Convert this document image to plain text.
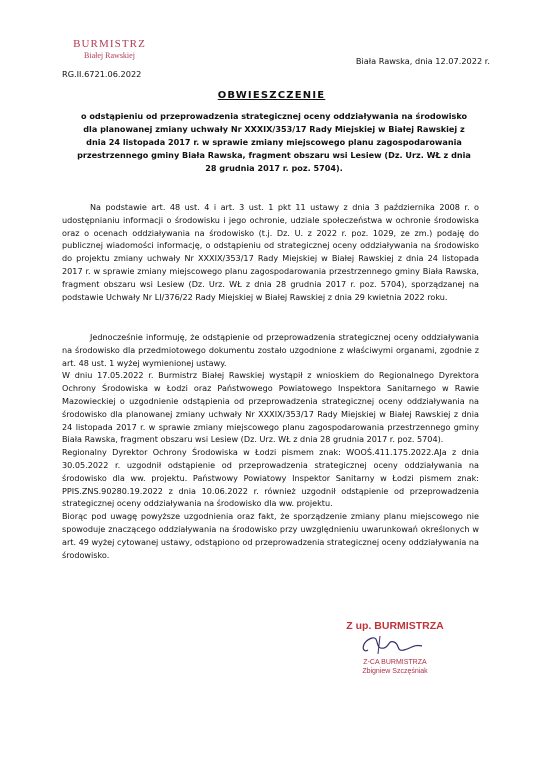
BURMISTRZ
Białej Rawskiej
Biała Rawska, dnia 12.07.2022 r.
RG.II.6721.06.2022
OBWIESZCZENIE
o odstąpieniu od przeprowadzenia strategicznej oceny oddziaływania na środowisko dla planowanej zmiany uchwały Nr XXXIX/353/17 Rady Miejskiej w Białej Rawskiej z dnia 24 listopada 2017 r. w sprawie zmiany miejscowego planu zagospodarowania przestrzennego gminy Biała Rawska, fragment obszaru wsi Lesiew (Dz. Urz. WŁ z dnia 28 grudnia 2017 r. poz. 5704).

Na podstawie art. 48 ust. 4 i art. 3 ust. 1 pkt 11 ustawy z dnia 3 października 2008 r. o udostępnianiu informacji o środowisku i jego ochronie, udziale społeczeństwa w ochronie środowiska oraz o ocenach oddziaływania na środowisko (t.j. Dz. U. z 2022 r. poz. 1029, ze zm.) podaję do publicznej wiadomości informację, o odstąpieniu od strategicznej oceny oddziaływania na środowisko do projektu zmiany uchwały Nr XXXIX/353/17 Rady Miejskiej w Białej Rawskiej z dnia 24 listopada 2017 r. w sprawie zmiany miejscowego planu zagospodarowania przestrzennego gminy Biała Rawska, fragment obszaru wsi Lesiew (Dz. Urz. WŁ z dnia 28 grudnia 2017 r. poz. 5704), sporządzanej na podstawie Uchwały Nr LI/376/22 Rady Miejskiej w Białej Rawskiej z dnia 29 kwietnia 2022 roku.

Jednocześnie informuję, że odstąpienie od przeprowadzenia strategicznej oceny oddziaływania na środowisko dla przedmiotowego dokumentu zostało uzgodnione z właściwymi organami, zgodnie z art. 48 ust. 1 wyżej wymienionej ustawy.

W dniu 17.05.2022 r. Burmistrz Białej Rawskiej wystąpił z wnioskiem do Regionalnego Dyrektora Ochrony Środowiska w Łodzi oraz Państwowego Powiatowego Inspektora Sanitarnego w Rawie Mazowieckiej o uzgodnienie odstąpienia od przeprowadzenia strategicznej oceny oddziaływania na środowisko dla planowanej zmiany uchwały Nr XXXIX/353/17 Rady Miejskiej w Białej Rawskiej z dnia 24 listopada 2017 r. w sprawie zmiany miejscowego planu zagospodarowania przestrzennego gminy Biała Rawska, fragment obszaru wsi Lesiew (Dz. Urz. WŁ z dnia 28 grudnia 2017 r. poz. 5704).

Regionalny Dyrektor Ochrony Środowiska w Łodzi pismem znak: WOOŚ.411.175.2022.AJa z dnia 30.05.2022 r. uzgodnił odstąpienie od przeprowadzenia strategicznej oceny oddziaływania na środowisko dla ww. projektu. Państwowy Powiatowy Inspektor Sanitarny w Łodzi pismem znak: PPIS.ZNS.90280.19.2022 z dnia 10.06.2022 r. również uzgodnił odstąpienie od przeprowadzenia strategicznej oceny oddziaływania na środowisko dla ww. projektu.

Biorąc pod uwagę powyższe uzgodnienia oraz fakt, że sporządzenie zmiany planu miejscowego nie spowoduje znaczącego oddziaływania na środowisko przy uwzględnieniu uwarunkowań określonych w art. 49 wyżej cytowanej ustawy, odstąpiono od przeprowadzenia strategicznej oceny oddziaływania na środowisko.

Z up. BURMISTRZA
Z-CA BURMISTRZA
Zbigniew Szczęśniak
